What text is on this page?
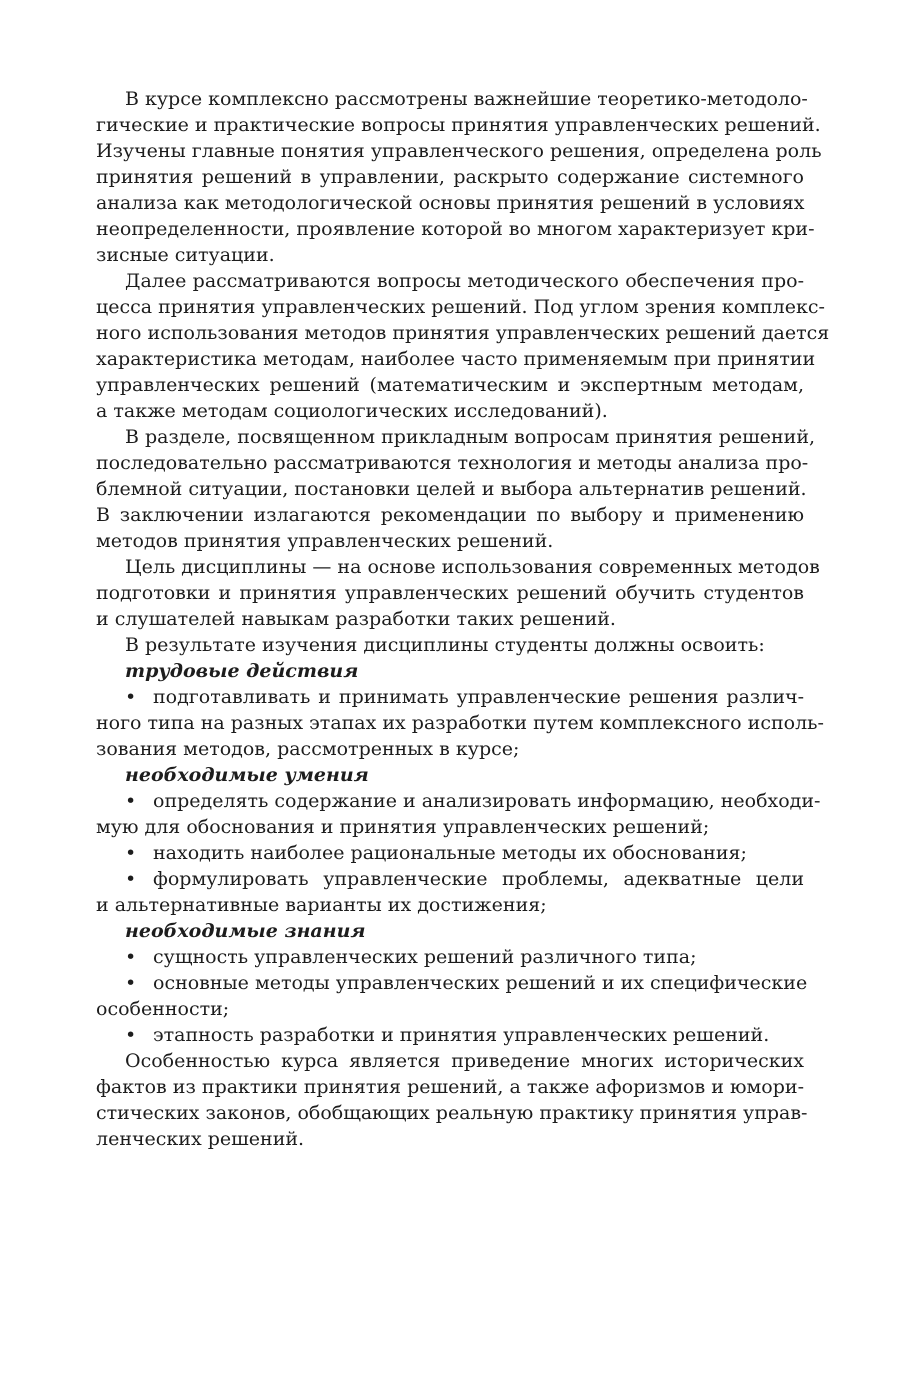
В курсе комплексно рассмотрены важнейшие теоретико-методоло-
гические и практические вопросы принятия управленческих решений.
Изучены главные понятия управленческого решения, определена роль
принятия решений в управлении, раскрыто содержание системного
анализа как методологической основы принятия решений в условиях
неопределенности, проявление которой во многом характеризует кри-
зисные ситуации.
Далее рассматриваются вопросы методического обеспечения про-
цесса принятия управленческих решений. Под углом зрения комплекс-
ного использования методов принятия управленческих решений дается
характеристика методам, наиболее часто применяемым при принятии
управленческих решений (математическим и экспертным методам,
а также методам социологических исследований).
В разделе, посвященном прикладным вопросам принятия решений,
последовательно рассматриваются технология и методы анализа про-
блемной ситуации, постановки целей и выбора альтернатив решений.
В заключении излагаются рекомендации по выбору и применению
методов принятия управленческих решений.
Цель дисциплины — на основе использования современных методов
подготовки и принятия управленческих решений обучить студентов
и слушателей навыкам разработки таких решений.
В результате изучения дисциплины студенты должны освоить:
трудовые действия
• подготавливать и принимать управленческие решения различ-
ного типа на разных этапах их разработки путем комплексного исполь-
зования методов, рассмотренных в курсе;
необходимые умения
• определять содержание и анализировать информацию, необходи-
мую для обоснования и принятия управленческих решений;
• находить наиболее рациональные методы их обоснования;
• формулировать управленческие проблемы, адекватные цели
и альтернативные варианты их достижения;
необходимые знания
• сущность управленческих решений различного типа;
• основные методы управленческих решений и их специфические
особенности;
• этапность разработки и принятия управленческих решений.
Особенностью курса является приведение многих исторических
фактов из практики принятия решений, а также афоризмов и юмори-
стических законов, обобщающих реальную практику принятия управ-
ленческих решений.
